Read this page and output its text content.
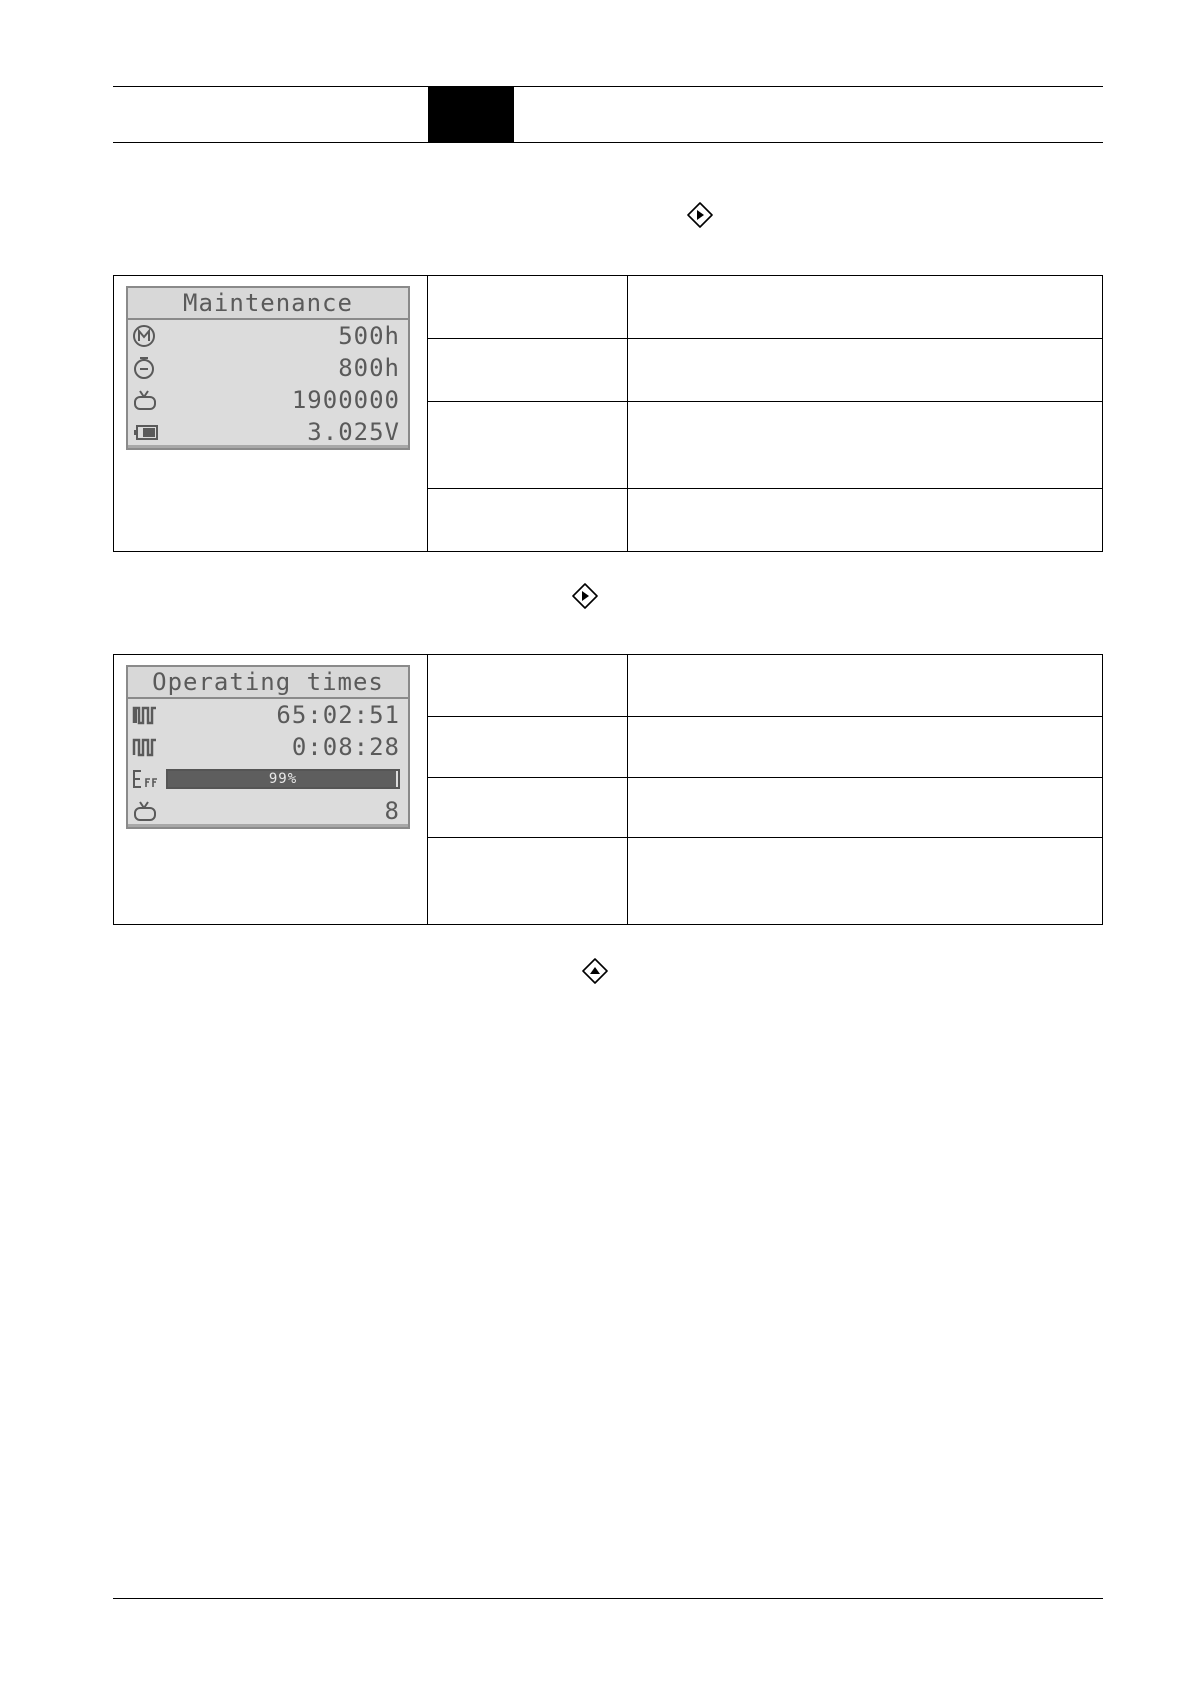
Maintenance
500h
800h
1900000
3.025V		

Operating times
65:02:51
0:08:28
99%
8		
